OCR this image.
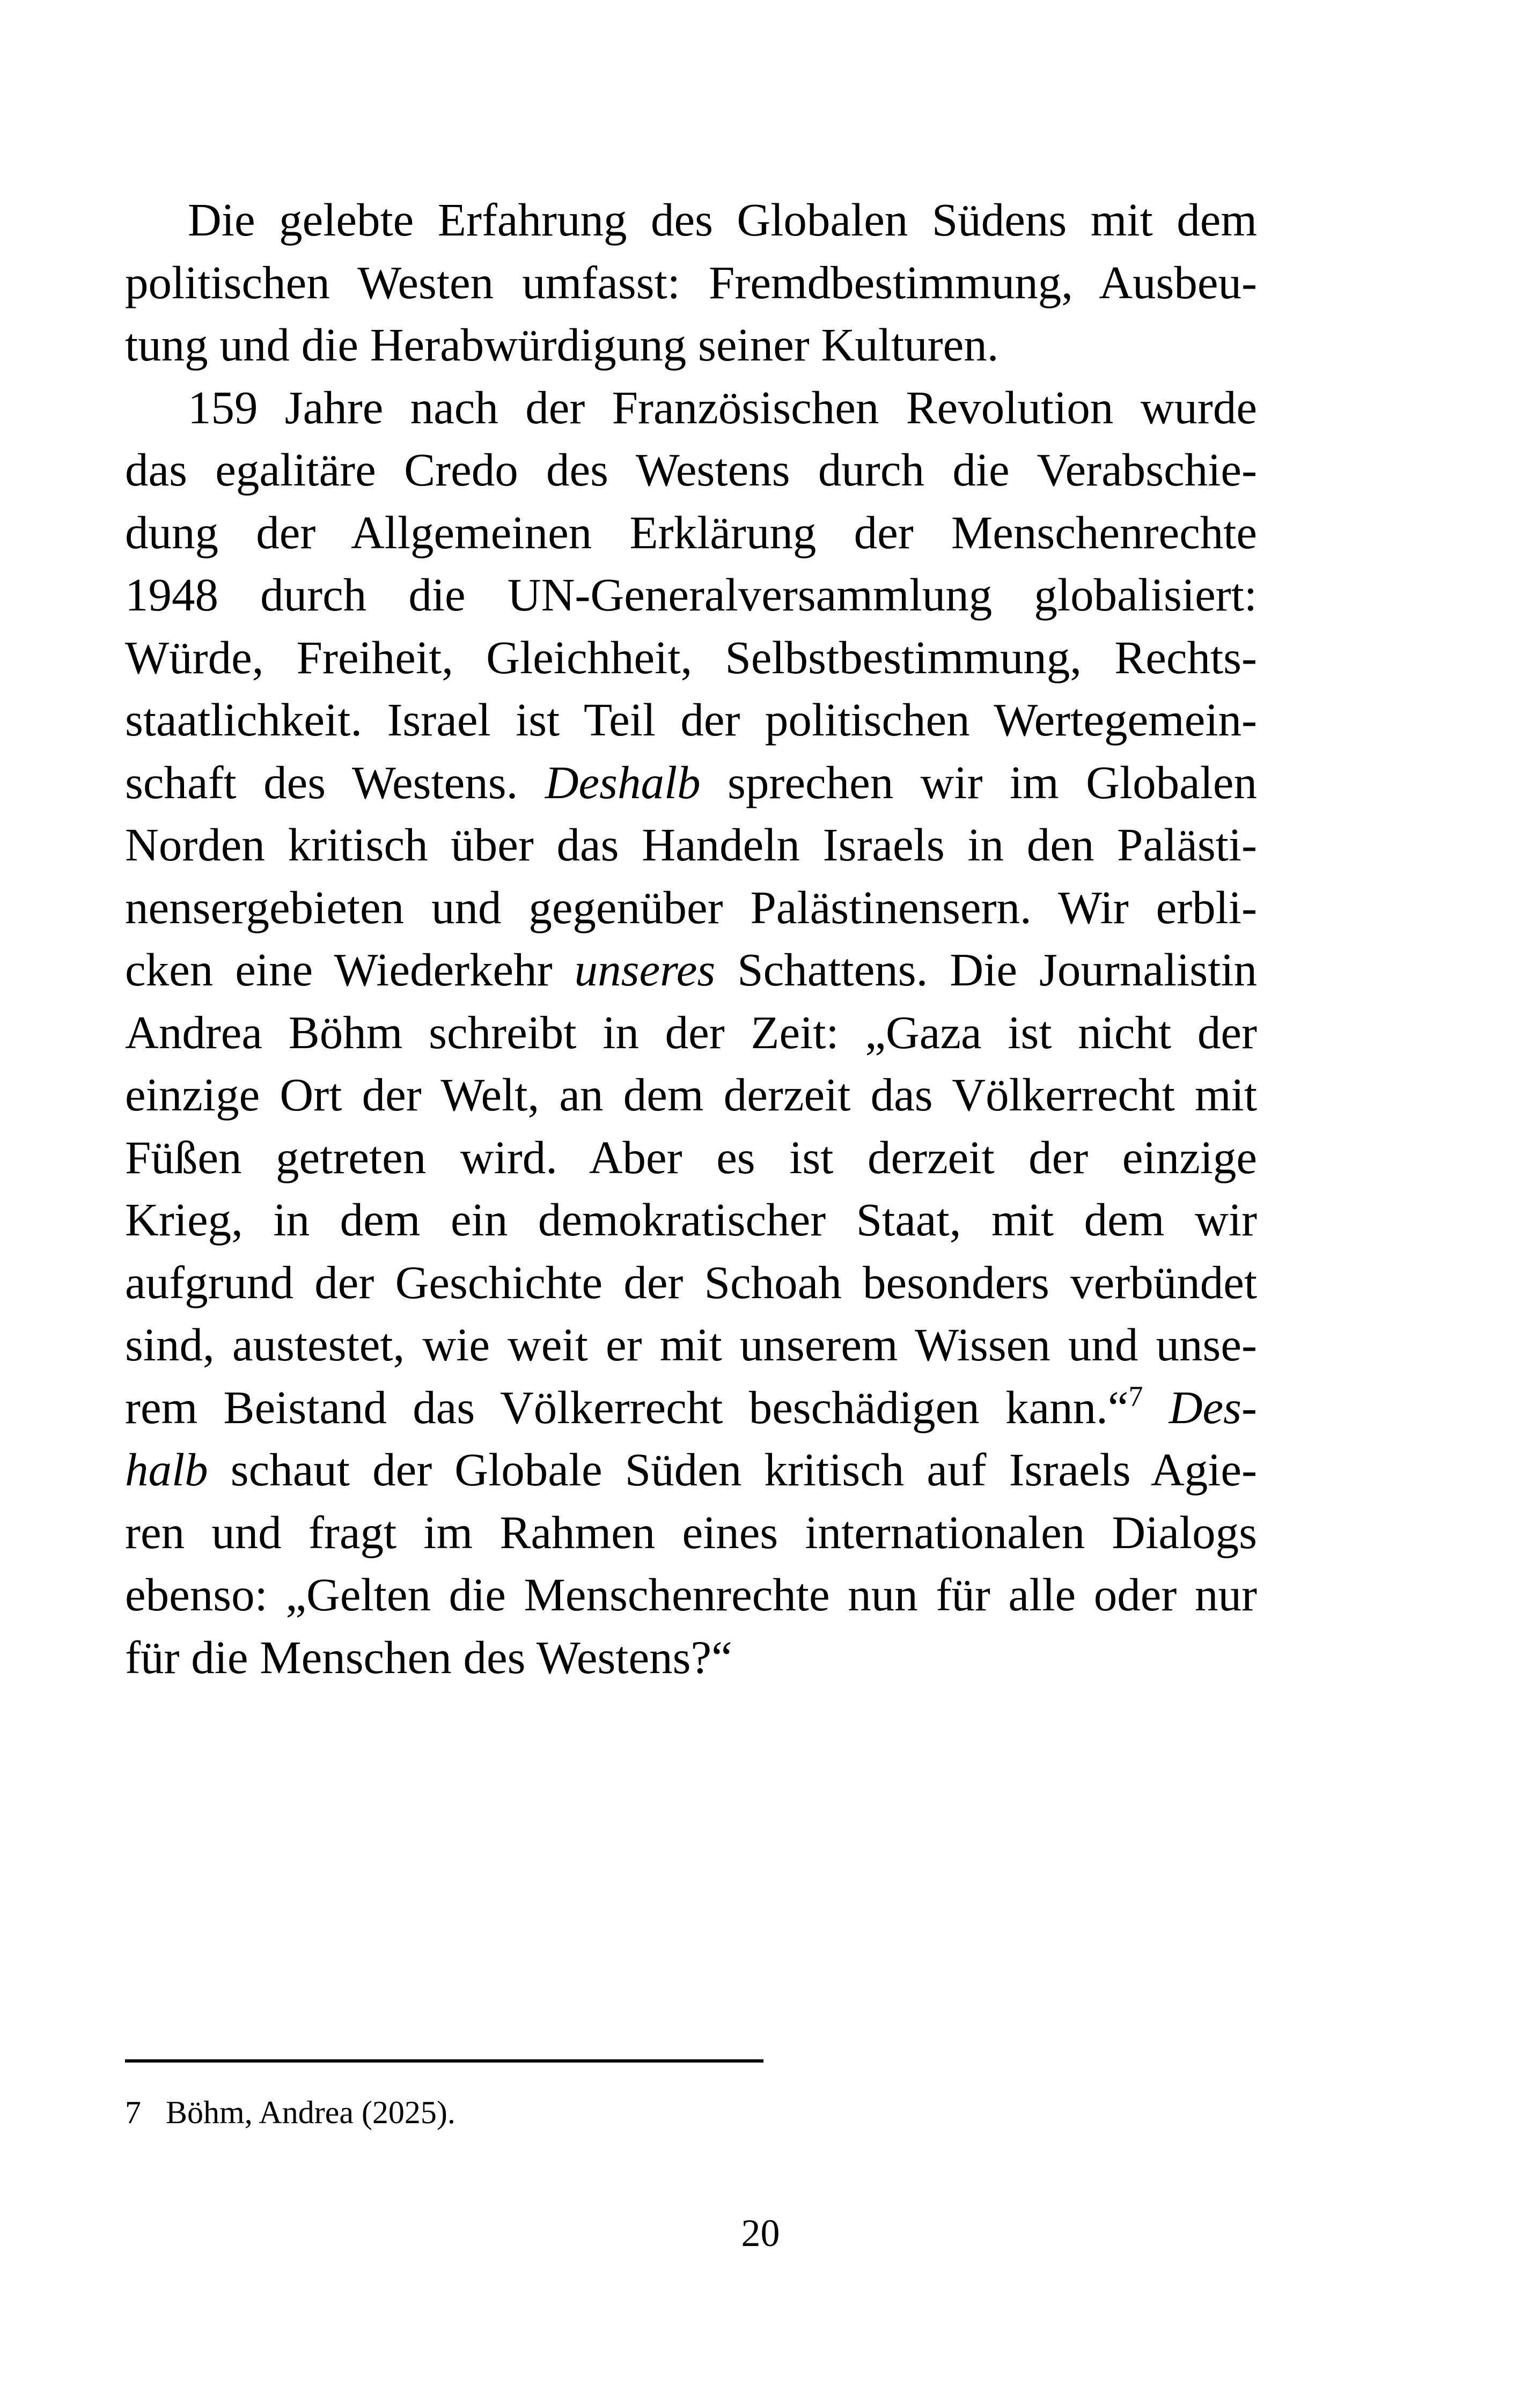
Die gelebte Erfahrung des Globalen Südens mit dem
politischen Westen umfasst: Fremdbestimmung, Ausbeu-
tung und die Herabwürdigung seiner Kulturen.
159 Jahre nach der Französischen Revolution wurde
das egalitäre Credo des Westens durch die Verabschie-
dung der Allgemeinen Erklärung der Menschenrechte
1948 durch die UN-Generalversammlung globalisiert:
Würde, Freiheit, Gleichheit, Selbstbestimmung, Rechts-
staatlichkeit. Israel ist Teil der politischen Wertegemein-
schaft des Westens. Deshalb sprechen wir im Globalen
Norden kritisch über das Handeln Israels in den Palästi-
nensergebieten und gegenüber Palästinensern. Wir erbli-
cken eine Wiederkehr unseres Schattens. Die Journalistin
Andrea Böhm schreibt in der Zeit: „Gaza ist nicht der
einzige Ort der Welt, an dem derzeit das Völkerrecht mit
Füßen getreten wird. Aber es ist derzeit der einzige
Krieg, in dem ein demokratischer Staat, mit dem wir
aufgrund der Geschichte der Schoah besonders verbündet
sind, austestet, wie weit er mit unserem Wissen und unse-
rem Beistand das Völkerrecht beschädigen kann.“$^7$ Des-
halb schaut der Globale Süden kritisch auf Israels Agie-
ren und fragt im Rahmen eines internationalen Dialogs
ebenso: „Gelten die Menschenrechte nun für alle oder nur
für die Menschen des Westens?“
7 Böhm, Andrea (2025).
20
